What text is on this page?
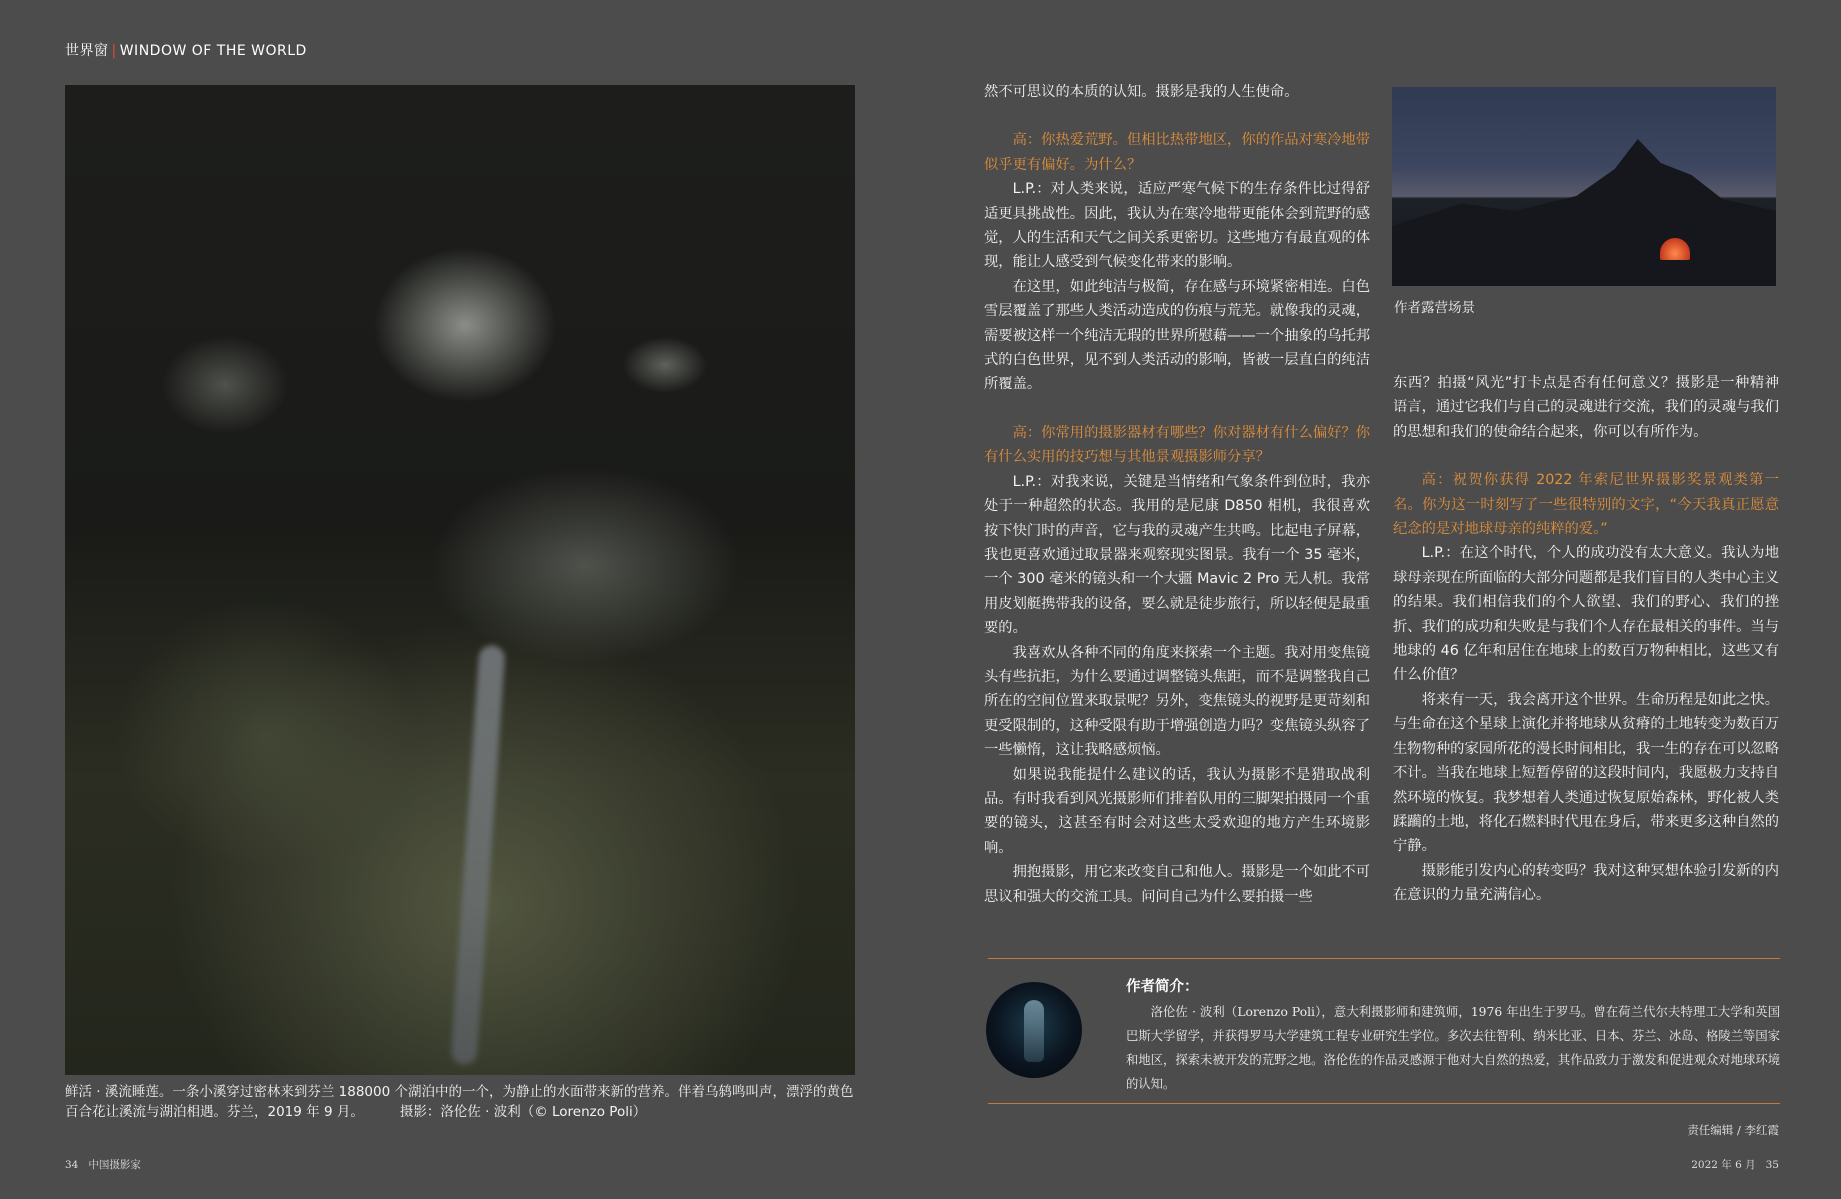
世界窗 | WINDOW OF THE WORLD
鲜活 · 溪流睡莲。一条小溪穿过密林来到芬兰 188000 个湖泊中的一个，为静止的水面带来新的营养。伴着乌鸫鸣叫声，漂浮的黄色百合花让溪流与湖泊相遇。芬兰，2019 年 9 月。	摄影：洛伦佐 · 波利（© Lorenzo Poli）

然不可思议的本质的认知。摄影是我的人生使命。

高：你热爱荒野。但相比热带地区，你的作品对寒冷地带似乎更有偏好。为什么？

L.P.：对人类来说，适应严寒气候下的生存条件比过得舒适更具挑战性。因此，我认为在寒冷地带更能体会到荒野的感觉，人的生活和天气之间关系更密切。这些地方有最直观的体现，能让人感受到气候变化带来的影响。

在这里，如此纯洁与极简，存在感与环境紧密相连。白色雪层覆盖了那些人类活动造成的伤痕与荒芜。就像我的灵魂，需要被这样一个纯洁无瑕的世界所慰藉——一个抽象的乌托邦式的白色世界，见不到人类活动的影响，皆被一层直白的纯洁所覆盖。

高：你常用的摄影器材有哪些？你对器材有什么偏好？你有什么实用的技巧想与其他景观摄影师分享？

L.P.：对我来说，关键是当情绪和气象条件到位时，我亦处于一种超然的状态。我用的是尼康 D850 相机，我很喜欢按下快门时的声音，它与我的灵魂产生共鸣。比起电子屏幕，我也更喜欢通过取景器来观察现实图景。我有一个 35 毫米，一个 300 毫米的镜头和一个大疆 Mavic 2 Pro 无人机。我常用皮划艇携带我的设备，要么就是徒步旅行，所以轻便是最重要的。

我喜欢从各种不同的角度来探索一个主题。我对用变焦镜头有些抗拒，为什么要通过调整镜头焦距，而不是调整我自己所在的空间位置来取景呢？另外，变焦镜头的视野是更苛刻和更受限制的，这种受限有助于增强创造力吗？变焦镜头纵容了一些懒惰，这让我略感烦恼。

如果说我能提什么建议的话，我认为摄影不是猎取战利品。有时我看到风光摄影师们排着队用的三脚架拍摄同一个重要的镜头，这甚至有时会对这些太受欢迎的地方产生环境影响。

拥抱摄影，用它来改变自己和他人。摄影是一个如此不可思议和强大的交流工具。问问自己为什么要拍摄一些

作者露营场景

东西？拍摄“风光”打卡点是否有任何意义？摄影是一种精神语言，通过它我们与自己的灵魂进行交流，我们的灵魂与我们的思想和我们的使命结合起来，你可以有所作为。

高：祝贺你获得 2022 年索尼世界摄影奖景观类第一名。你为这一时刻写了一些很特别的文字，“今天我真正愿意纪念的是对地球母亲的纯粹的爱。”

L.P.：在这个时代，个人的成功没有太大意义。我认为地球母亲现在所面临的大部分问题都是我们盲目的人类中心主义的结果。我们相信我们的个人欲望、我们的野心、我们的挫折、我们的成功和失败是与我们个人存在最相关的事件。当与地球的 46 亿年和居住在地球上的数百万物种相比，这些又有什么价值？

将来有一天，我会离开这个世界。生命历程是如此之快。与生命在这个星球上演化并将地球从贫瘠的土地转变为数百万生物物种的家园所花的漫长时间相比，我一生的存在可以忽略不计。当我在地球上短暂停留的这段时间内，我愿极力支持自然环境的恢复。我梦想着人类通过恢复原始森林，野化被人类蹂躏的土地，将化石燃料时代甩在身后，带来更多这种自然的宁静。

摄影能引发内心的转变吗？我对这种冥想体验引发新的内在意识的力量充满信心。

作者简介：
洛伦佐 · 波利（Lorenzo Poli），意大利摄影师和建筑师，1976 年出生于罗马。曾在荷兰代尔夫特理工大学和英国巴斯大学留学，并获得罗马大学建筑工程专业研究生学位。多次去往智利、纳米比亚、日本、芬兰、冰岛、格陵兰等国家和地区，探索未被开发的荒野之地。洛伦佐的作品灵感源于他对大自然的热爱，其作品致力于激发和促进观众对地球环境的认知。
责任编辑 / 李红霞
34 中国摄影家	2022 年 6 月 35
